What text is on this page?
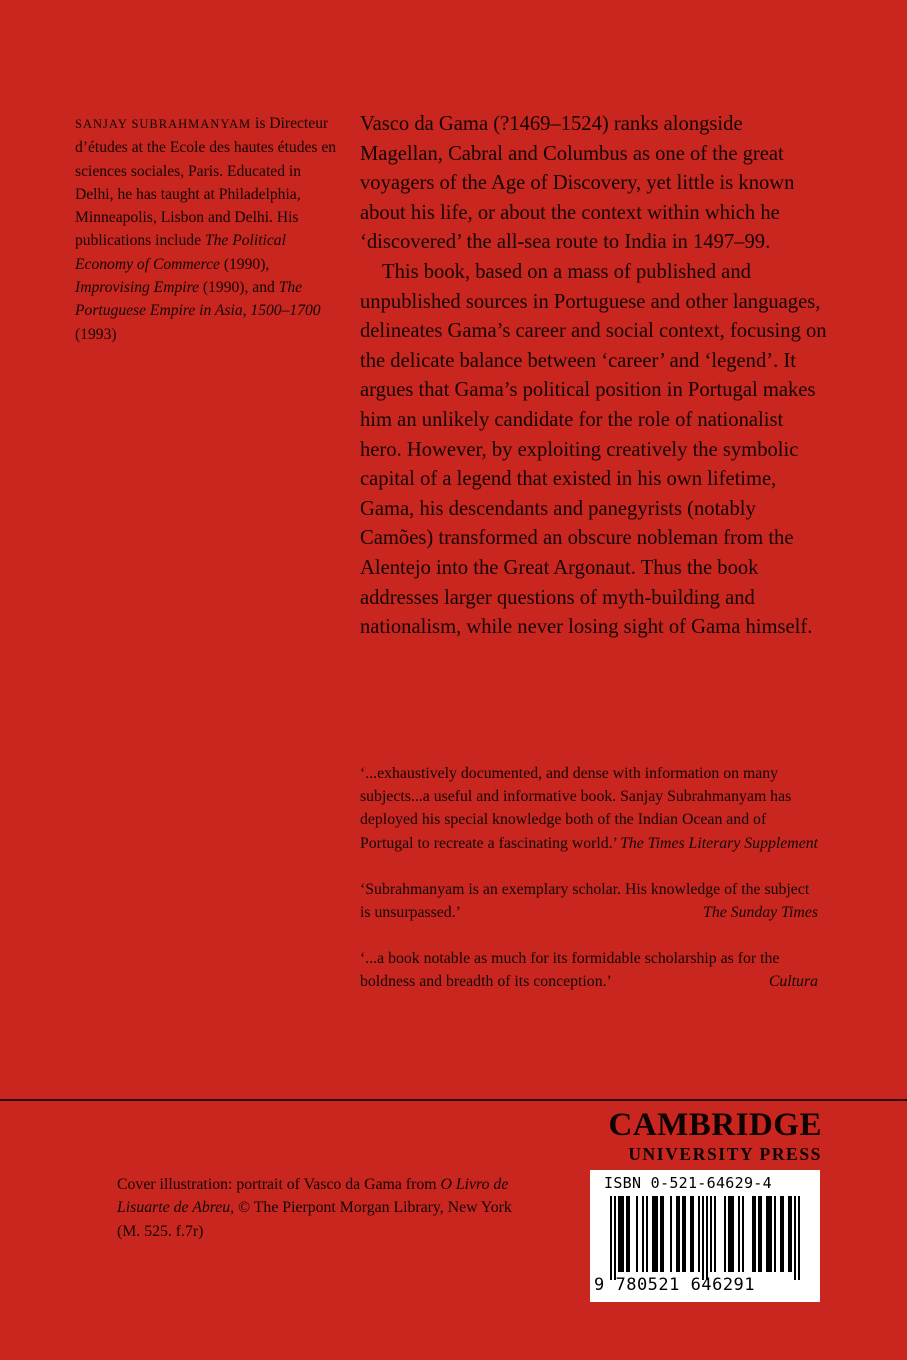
SANJAY SUBRAHMANYAM is Directeur d’études at the Ecole des hautes études en sciences sociales, Paris. Educated in Delhi, he has taught at Philadelphia, Minneapolis, Lisbon and Delhi. His publications include The Political Economy of Commerce (1990), Improvising Empire (1990), and The Portuguese Empire in Asia, 1500–1700 (1993)

Vasco da Gama (?1469–1524) ranks alongside Magellan, Cabral and Columbus as one of the great voyagers of the Age of Discovery, yet little is known about his life, or about the context within which he ‘discovered’ the all-sea route to India in 1497–99.

This book, based on a mass of published and unpublished sources in Portuguese and other languages, delineates Gama’s career and social context, focusing on the delicate balance between ‘career’ and ‘legend’. It argues that Gama’s political position in Portugal makes him an unlikely candidate for the role of nationalist hero. However, by exploiting creatively the symbolic capital of a legend that existed in his own lifetime, Gama, his descendants and panegyrists (notably Camões) transformed an obscure nobleman from the Alentejo into the Great Argonaut. Thus the book addresses larger questions of myth-building and nationalism, while never losing sight of Gama himself.

‘...exhaustively documented, and dense with information on many subjects...a useful and informative book. Sanjay Subrahmanyam has deployed his special knowledge both of the Indian Ocean and of Portugal to recreate a fascinating world.’ The Times Literary Supplement
‘Subrahmanyam is an exemplary scholar. His knowledge of the subject is unsurpassed.’	The Sunday Times
‘...a book notable as much for its formidable scholarship as for the boldness and breadth of its conception.’	Cultura
Cover illustration: portrait of Vasco da Gama from O Livro de Lisuarte de Abreu, © The Pierpont Morgan Library, New York (M. 525. f.7r)
CAMBRIDGE
UNIVERSITY PRESS
ISBN 0-521-64629-4
9 780521 646291
